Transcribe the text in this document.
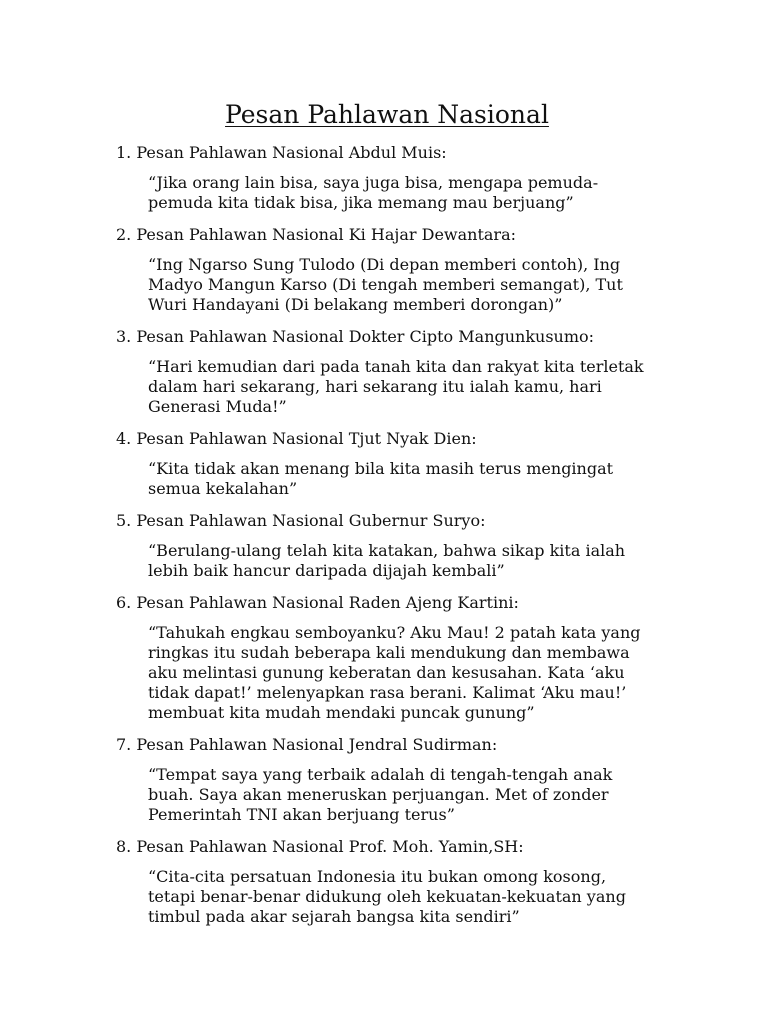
Pesan Pahlawan Nasional

1. Pesan Pahlawan Nasional Abdul Muis:

“Jika orang lain bisa, saya juga bisa, mengapa pemuda-pemuda kita tidak bisa, jika memang mau berjuang”

2. Pesan Pahlawan Nasional Ki Hajar Dewantara:

“Ing Ngarso Sung Tulodo (Di depan memberi contoh), Ing Madyo Mangun Karso (Di tengah memberi semangat), Tut Wuri Handayani (Di belakang memberi dorongan)”

3. Pesan Pahlawan Nasional Dokter Cipto Mangunkusumo:

“Hari kemudian dari pada tanah kita dan rakyat kita terletak dalam hari sekarang, hari sekarang itu ialah kamu, hari Generasi Muda!”

4. Pesan Pahlawan Nasional Tjut Nyak Dien:

“Kita tidak akan menang bila kita masih terus mengingat semua kekalahan”

5. Pesan Pahlawan Nasional Gubernur Suryo:

“Berulang-ulang telah kita katakan, bahwa sikap kita ialah lebih baik hancur daripada dijajah kembali”

6. Pesan Pahlawan Nasional Raden Ajeng Kartini:

“Tahukah engkau semboyanku? Aku Mau! 2 patah kata yang ringkas itu sudah beberapa kali mendukung dan membawa aku melintasi gunung keberatan dan kesusahan. Kata ‘aku tidak dapat!’ melenyapkan rasa berani. Kalimat ‘Aku mau!’ membuat kita mudah mendaki puncak gunung”

7. Pesan Pahlawan Nasional Jendral Sudirman:

“Tempat saya yang terbaik adalah di tengah-tengah anak buah. Saya akan meneruskan perjuangan. Met of zonder Pemerintah TNI akan berjuang terus”

8. Pesan Pahlawan Nasional Prof. Moh. Yamin,SH:

“Cita-cita persatuan Indonesia itu bukan omong kosong, tetapi benar-benar didukung oleh kekuatan-kekuatan yang timbul pada akar sejarah bangsa kita sendiri”
